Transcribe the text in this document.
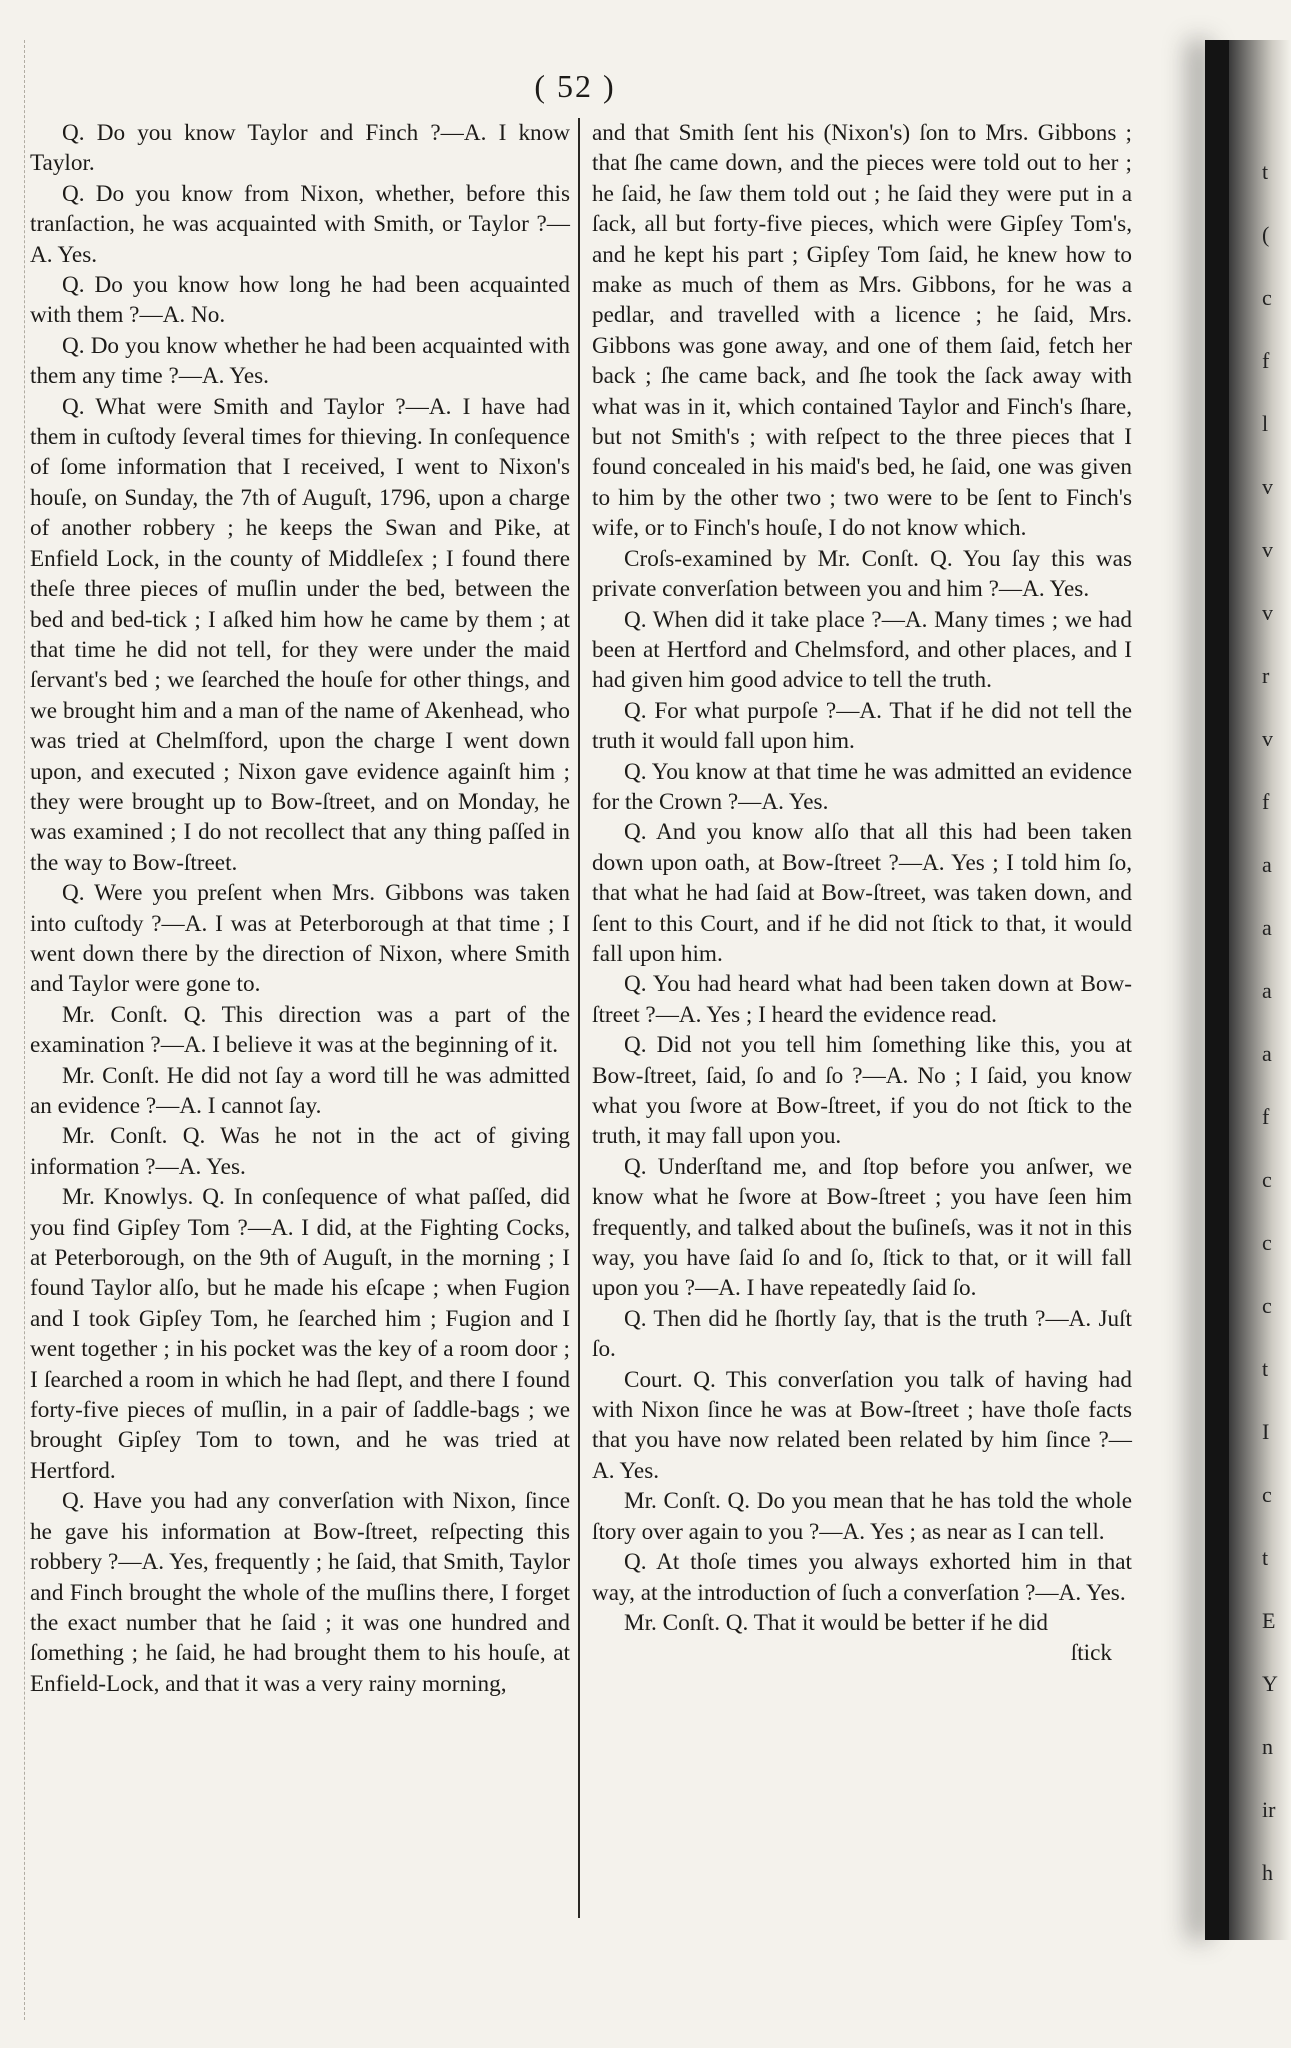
( 52 )

Q. Do you know Taylor and Finch ?—A. I know Taylor.

Q. Do you know from Nixon, whether, before this tranſaction, he was acquainted with Smith, or Taylor ?—A. Yes.

Q. Do you know how long he had been acquainted with them ?—A. No.

Q. Do you know whether he had been acquainted with them any time ?—A. Yes.

Q. What were Smith and Taylor ?—A. I have had them in cuſtody ſeveral times for thieving. In conſequence of ſome information that I received, I went to Nixon's houſe, on Sunday, the 7th of Auguſt, 1796, upon a charge of another robbery ; he keeps the Swan and Pike, at Enfield Lock, in the county of Middleſex ; I found there theſe three pieces of muſlin under the bed, between the bed and bed-tick ; I aſked him how he came by them ; at that time he did not tell, for they were under the maid ſervant's bed ; we ſearched the houſe for other things, and we brought him and a man of the name of Akenhead, who was tried at Chelmſford, upon the charge I went down upon, and executed ; Nixon gave evidence againſt him ; they were brought up to Bow-ſtreet, and on Monday, he was examined ; I do not recollect that any thing paſſed in the way to Bow-ſtreet.

Q. Were you preſent when Mrs. Gibbons was taken into cuſtody ?—A. I was at Peterborough at that time ; I went down there by the direction of Nixon, where Smith and Taylor were gone to.

Mr. Conſt. Q. This direction was a part of the examination ?—A. I believe it was at the beginning of it.

Mr. Conſt. He did not ſay a word till he was admitted an evidence ?—A. I cannot ſay.

Mr. Conſt. Q. Was he not in the act of giving information ?—A. Yes.

Mr. Knowlys. Q. In conſequence of what paſſed, did you find Gipſey Tom ?—A. I did, at the Fighting Cocks, at Peterborough, on the 9th of Auguſt, in the morning ; I found Taylor alſo, but he made his eſcape ; when Fugion and I took Gipſey Tom, he ſearched him ; Fugion and I went together ; in his pocket was the key of a room door ; I ſearched a room in which he had ſlept, and there I found forty-five pieces of muſlin, in a pair of ſaddle-bags ; we brought Gipſey Tom to town, and he was tried at Hertford.

Q. Have you had any converſation with Nixon, ſince he gave his information at Bow-ſtreet, reſpecting this robbery ?—A. Yes, frequently ; he ſaid, that Smith, Taylor and Finch brought the whole of the muſlins there, I forget the exact number that he ſaid ; it was one hundred and ſomething ; he ſaid, he had brought them to his houſe, at Enfield-Lock, and that it was a very rainy morning,

and that Smith ſent his (Nixon's) ſon to Mrs. Gibbons ; that ſhe came down, and the pieces were told out to her ; he ſaid, he ſaw them told out ; he ſaid they were put in a ſack, all but forty-five pieces, which were Gipſey Tom's, and he kept his part ; Gipſey Tom ſaid, he knew how to make as much of them as Mrs. Gibbons, for he was a pedlar, and travelled with a licence ; he ſaid, Mrs. Gibbons was gone away, and one of them ſaid, fetch her back ; ſhe came back, and ſhe took the ſack away with what was in it, which contained Taylor and Finch's ſhare, but not Smith's ; with reſpect to the three pieces that I found concealed in his maid's bed, he ſaid, one was given to him by the other two ; two were to be ſent to Finch's wife, or to Finch's houſe, I do not know which.

Croſs-examined by Mr. Conſt. Q. You ſay this was private converſation between you and him ?—A. Yes.

Q. When did it take place ?—A. Many times ; we had been at Hertford and Chelmsford, and other places, and I had given him good advice to tell the truth.

Q. For what purpoſe ?—A. That if he did not tell the truth it would fall upon him.

Q. You know at that time he was admitted an evidence for the Crown ?—A. Yes.

Q. And you know alſo that all this had been taken down upon oath, at Bow-ſtreet ?—A. Yes ; I told him ſo, that what he had ſaid at Bow-ſtreet, was taken down, and ſent to this Court, and if he did not ſtick to that, it would fall upon him.

Q. You had heard what had been taken down at Bow-ſtreet ?—A. Yes ; I heard the evidence read.

Q. Did not you tell him ſomething like this, you at Bow-ſtreet, ſaid, ſo and ſo ?—A. No ; I ſaid, you know what you ſwore at Bow-ſtreet, if you do not ſtick to the truth, it may fall upon you.

Q. Underſtand me, and ſtop before you anſwer, we know what he ſwore at Bow-ſtreet ; you have ſeen him frequently, and talked about the buſineſs, was it not in this way, you have ſaid ſo and ſo, ſtick to that, or it will fall upon you ?—A. I have repeatedly ſaid ſo.

Q. Then did he ſhortly ſay, that is the truth ?—A. Juſt ſo.

Court. Q. This converſation you talk of having had with Nixon ſince he was at Bow-ſtreet ; have thoſe facts that you have now related been related by him ſince ?—A. Yes.

Mr. Conſt. Q. Do you mean that he has told the whole ſtory over again to you ?—A. Yes ; as near as I can tell.

Q. At thoſe times you always exhorted him in that way, at the introduction of ſuch a converſation ?—A. Yes.

Mr. Conſt. Q. That it would be better if he did

ſtick

t
(
c
f
l
v
v
v
r
v
f
a
a
a
a
f
c
c
c
t
I
c
t
E
Y
n
ir
h
